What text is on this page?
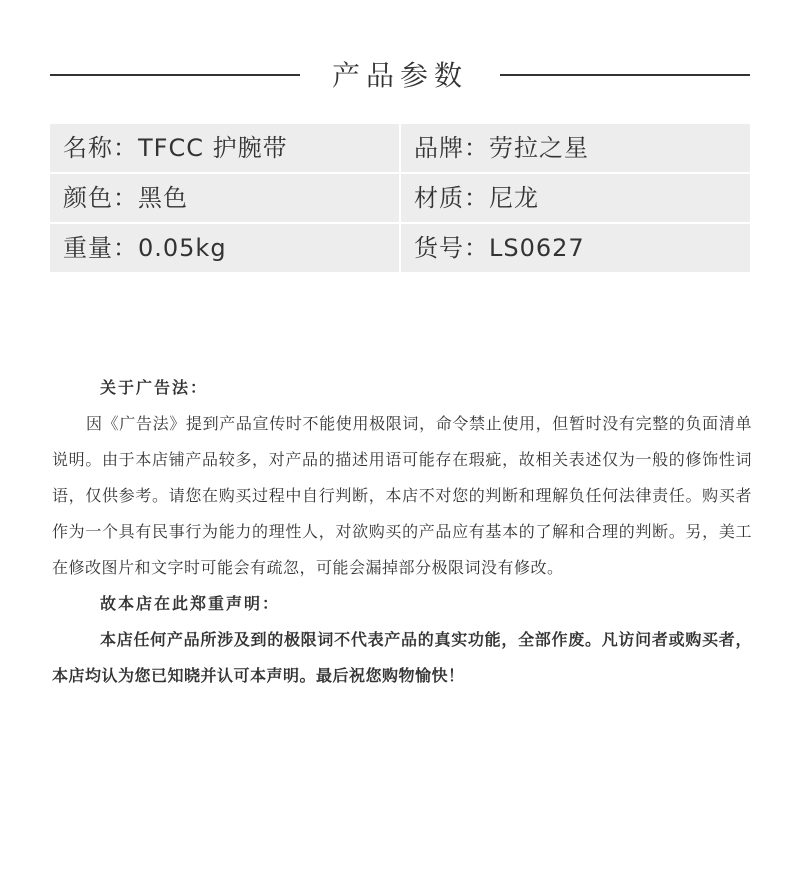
产品参数
名称：TFCC 护腕带	品牌：劳拉之星
颜色：黑色	材质：尼龙
重量：0.05kg	货号：LS0627

关于广告法：

因《广告法》提到产品宣传时不能使用极限词，命令禁止使用，但暂时没有完整的负面清单说明。由于本店铺产品较多，对产品的描述用语可能存在瑕疵，故相关表述仅为一般的修饰性词语，仅供参考。请您在购买过程中自行判断，本店不对您的判断和理解负任何法律责任。购买者作为一个具有民事行为能力的理性人，对欲购买的产品应有基本的了解和合理的判断。另，美工在修改图片和文字时可能会有疏忽，可能会漏掉部分极限词没有修改。

故本店在此郑重声明：

本店任何产品所涉及到的极限词不代表产品的真实功能，全部作废。凡访问者或购买者，本店均认为您已知晓并认可本声明。最后祝您购物愉快！
